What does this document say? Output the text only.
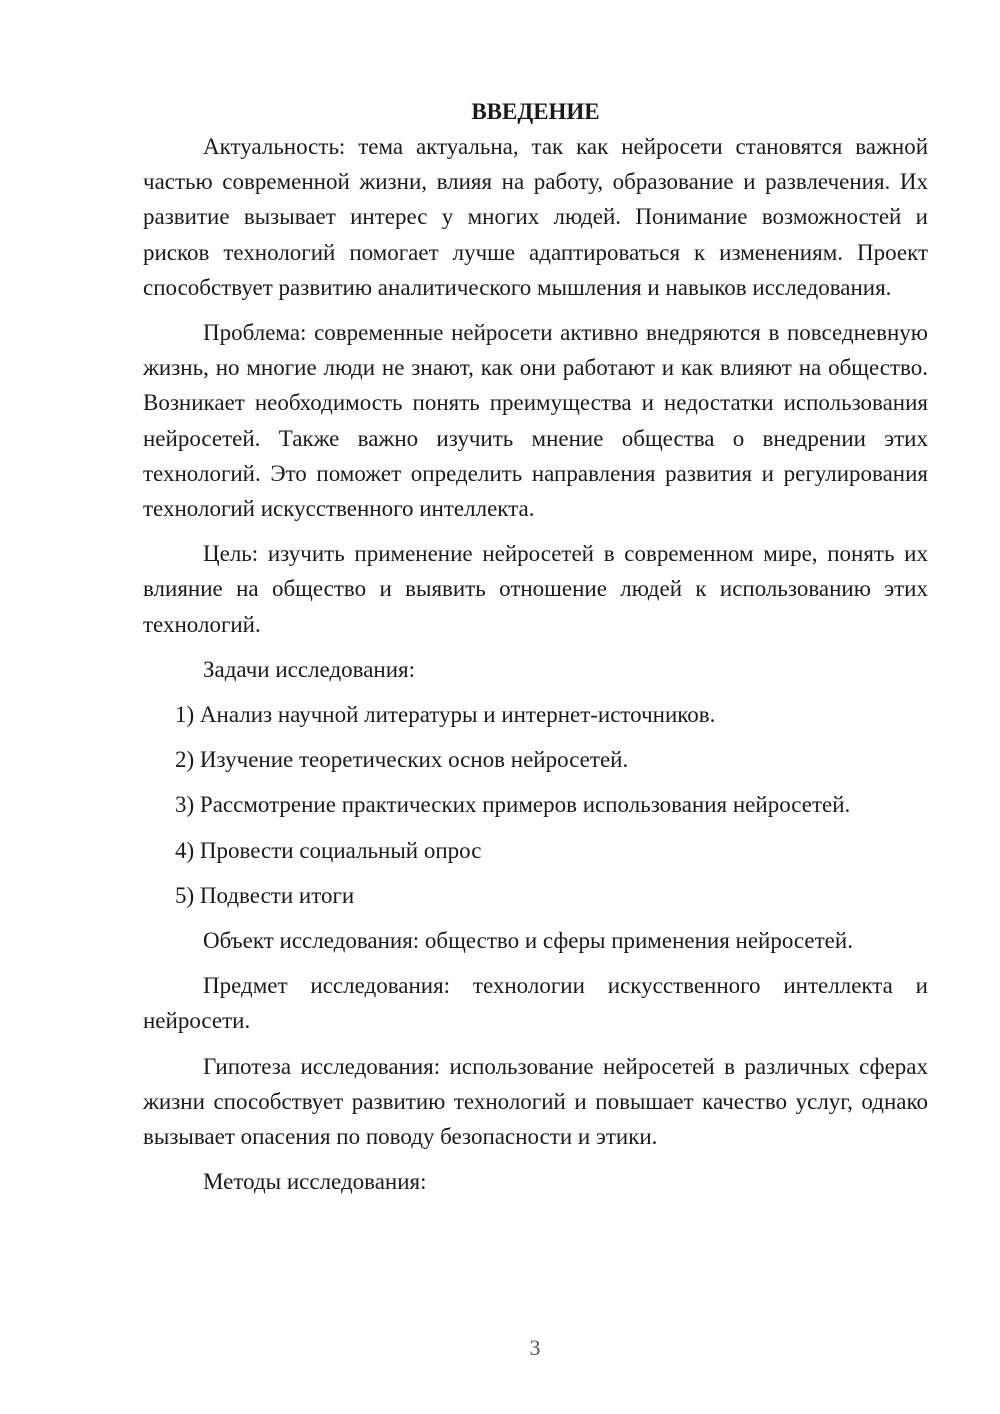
ВВЕДЕНИЕ

Актуальность: тема актуальна, так как нейросети становятся важной частью современной жизни, влияя на работу, образование и развлечения. Их развитие вызывает интерес у многих людей. Понимание возможностей и рисков технологий помогает лучше адаптироваться к изменениям. Проект способствует развитию аналитического мышления и навыков исследования.

Проблема: современные нейросети активно внедряются в повседневную жизнь, но многие люди не знают, как они работают и как влияют на общество. Возникает необходимость понять преимущества и недостатки использования нейросетей. Также важно изучить мнение общества о внедрении этих технологий. Это поможет определить направления развития и регулирования технологий искусственного интеллекта.

Цель: изучить применение нейросетей в современном мире, понять их влияние на общество и выявить отношение людей к использованию этих технологий.

Задачи исследования:

1) Анализ научной литературы и интернет-источников.
2) Изучение теоретических основ нейросетей.
3) Рассмотрение практических примеров использования нейросетей.
4) Провести социальный опрос
5) Подвести итоги

Объект исследования: общество и сферы применения нейросетей.

Предмет исследования: технологии искусственного интеллекта и нейросети.

Гипотеза исследования: использование нейросетей в различных сферах жизни способствует развитию технологий и повышает качество услуг, однако вызывает опасения по поводу безопасности и этики.

Методы исследования:

3
